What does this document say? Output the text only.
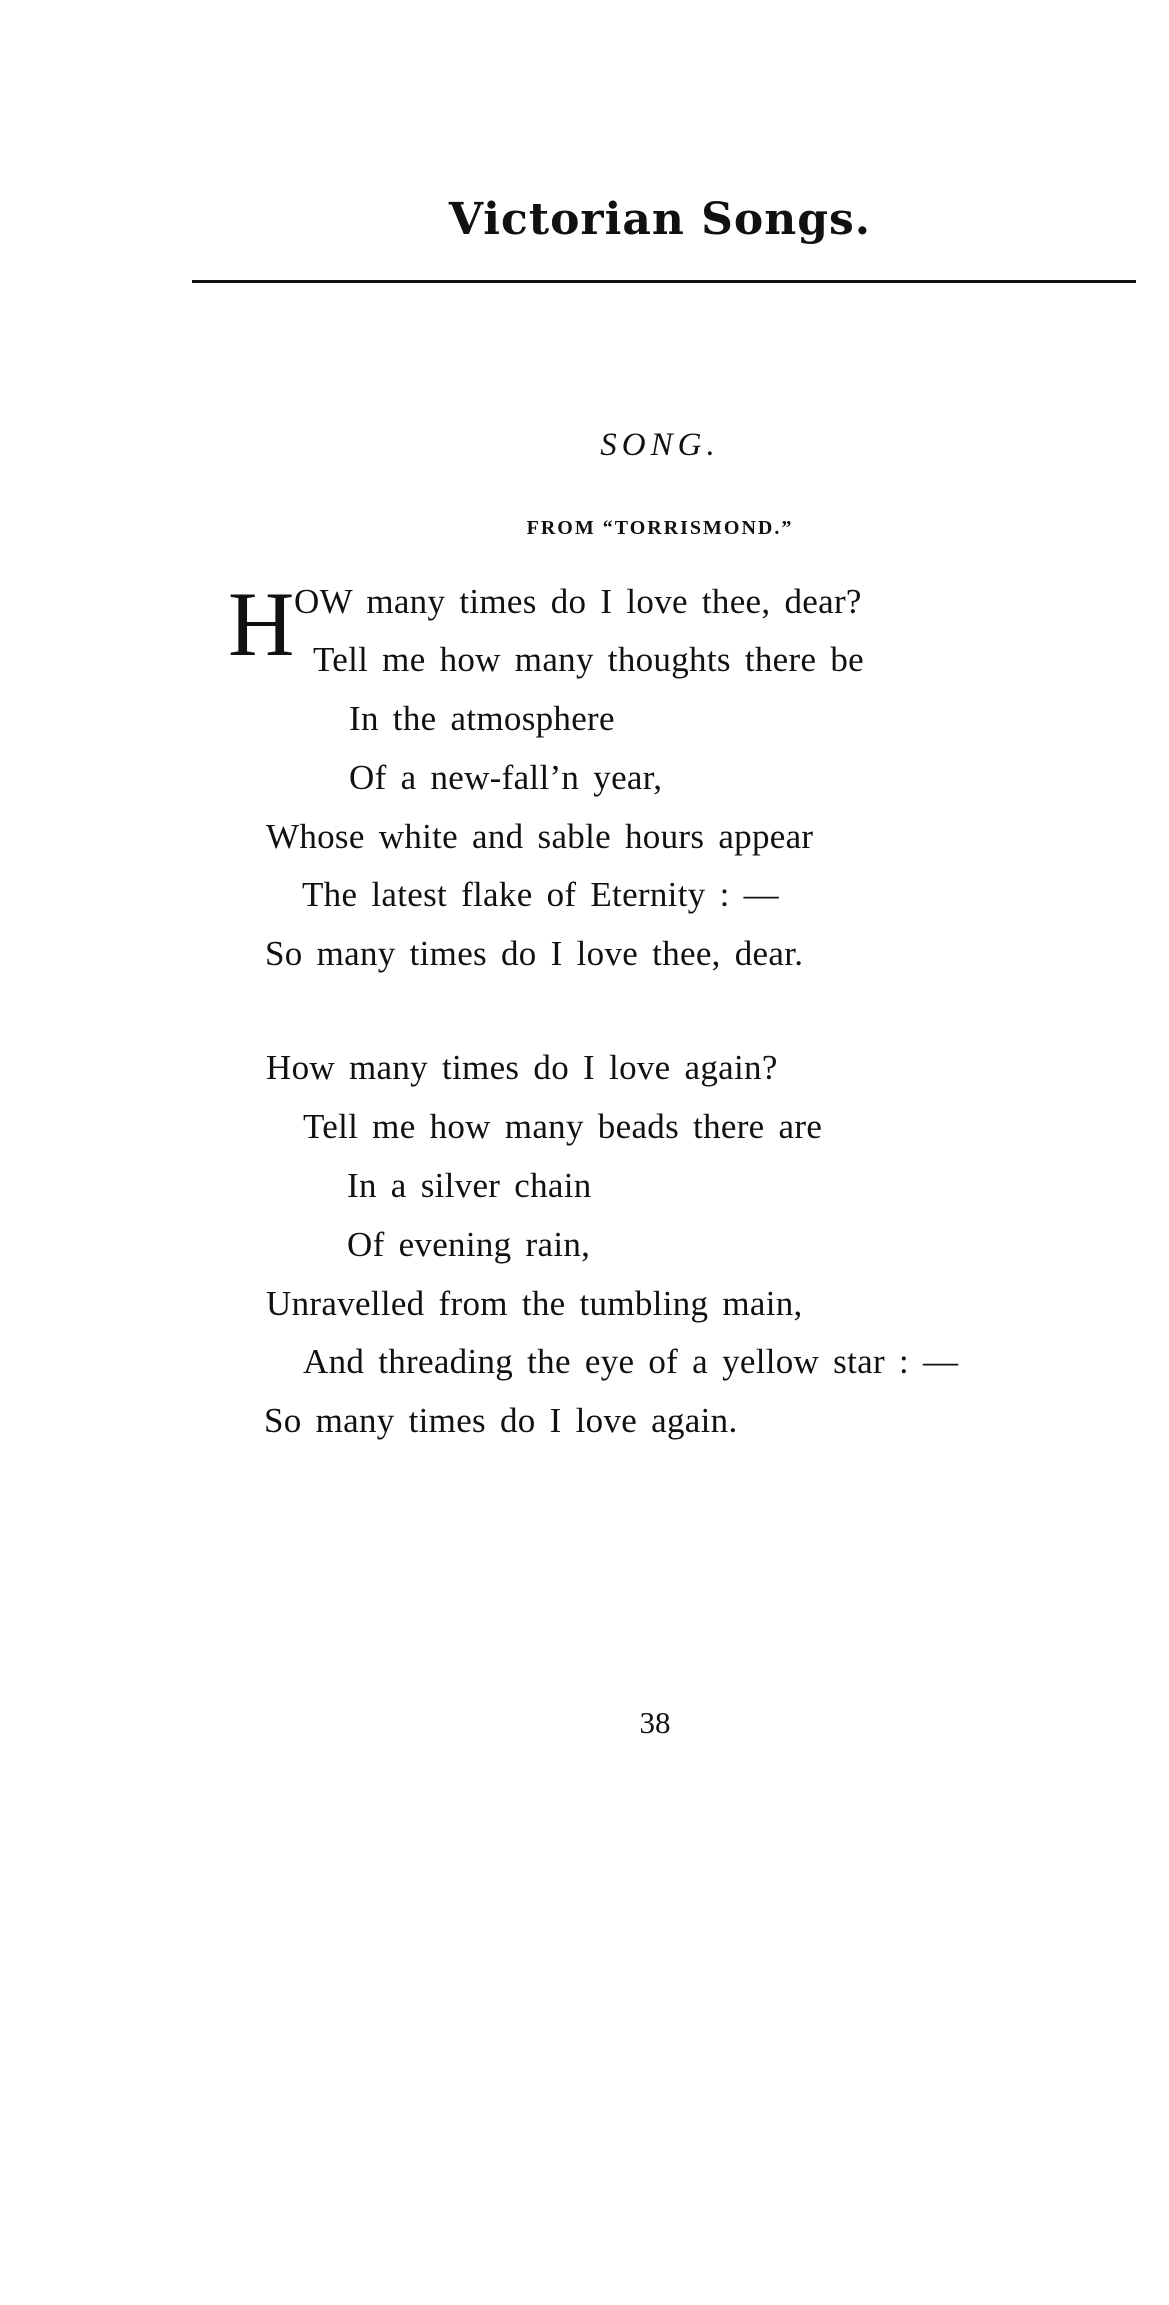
Victorian Songs.
SONG.
FROM “TORRISMOND.”
H OW many times do I love thee, dear?
Tell me how many thoughts there be
In the atmosphere
Of a new-fall’n year,
Whose white and sable hours appear
The latest flake of Eternity : —
So many times do I love thee, dear.
How many times do I love again?
Tell me how many beads there are
In a silver chain
Of evening rain,
Unravelled from the tumbling main,
And threading the eye of a yellow star : —
So many times do I love again.
38
